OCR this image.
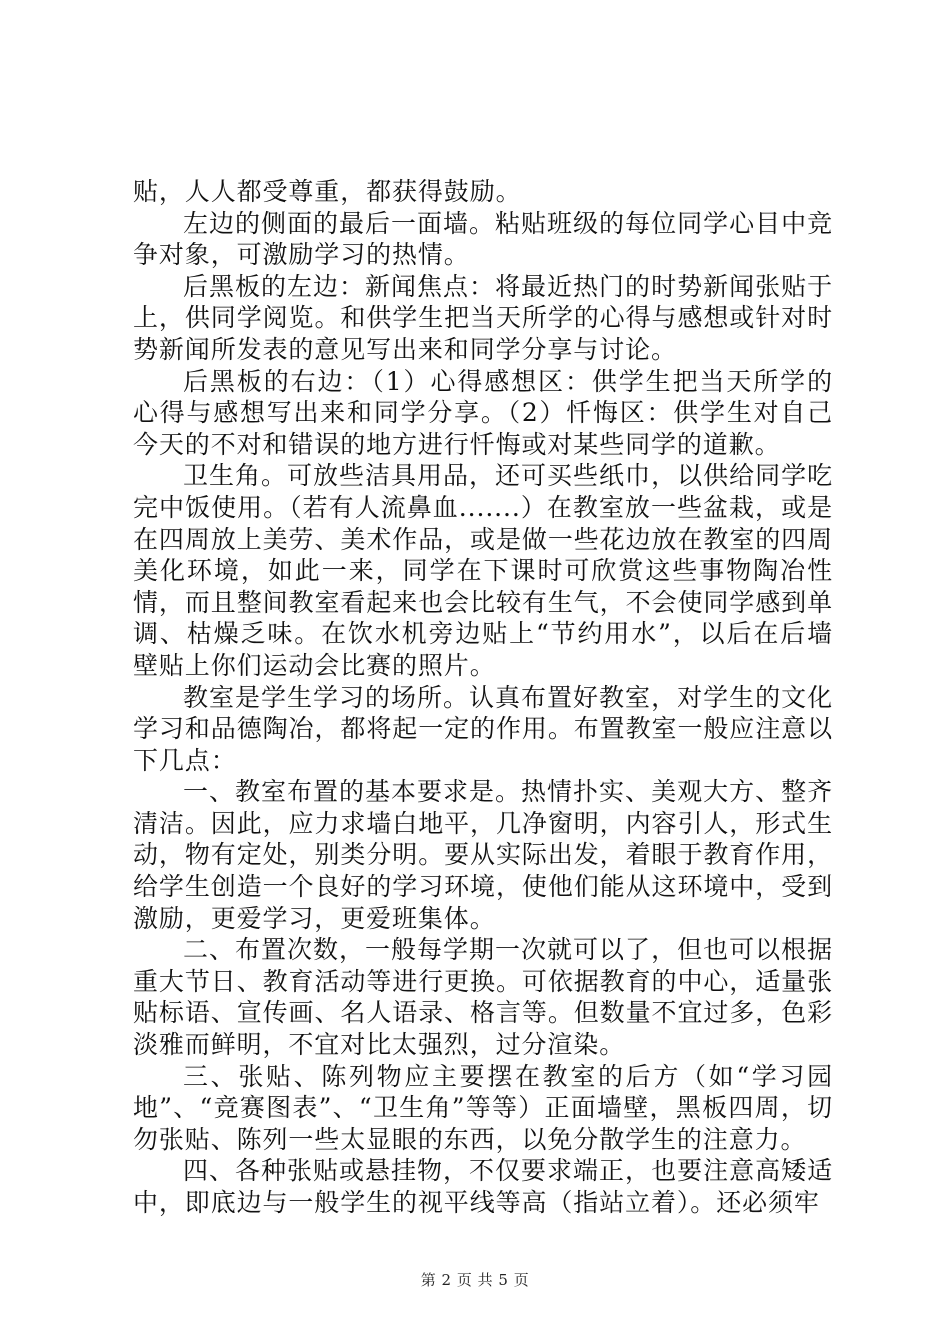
贴，人人都受尊重，都获得鼓励。

左边的侧面的最后一面墙。粘贴班级的每位同学心目中竞争对象，可激励学习的热情。

后黑板的左边：新闻焦点：将最近热门的时势新闻张贴于上，供同学阅览。和供学生把当天所学的心得与感想或针对时势新闻所发表的意见写出来和同学分享与讨论。

后黑板的右边：（1）心得感想区：供学生把当天所学的心得与感想写出来和同学分享。（2）忏悔区：供学生对自己今天的不对和错误的地方进行忏悔或对某些同学的道歉。

卫生角。可放些洁具用品，还可买些纸巾，以供给同学吃完中饭使用。（若有人流鼻血.......）在教室放一些盆栽，或是在四周放上美劳、美术作品，或是做一些花边放在教室的四周美化环境，如此一来，同学在下课时可欣赏这些事物陶冶性情，而且整间教室看起来也会比较有生气，不会使同学感到单调、枯燥乏味。在饮水机旁边贴上“节约用水”，以后在后墙壁贴上你们运动会比赛的照片。

教室是学生学习的场所。认真布置好教室，对学生的文化学习和品德陶冶，都将起一定的作用。布置教室一般应注意以下几点：

一、教室布置的基本要求是。热情扑实、美观大方、整齐清洁。因此，应力求墙白地平，几净窗明，内容引人，形式生动，物有定处，别类分明。要从实际出发，着眼于教育作用，给学生创造一个良好的学习环境，使他们能从这环境中，受到激励，更爱学习，更爱班集体。

二、布置次数，一般每学期一次就可以了，但也可以根据重大节日、教育活动等进行更换。可依据教育的中心，适量张贴标语、宣传画、名人语录、格言等。但数量不宜过多，色彩淡雅而鲜明，不宜对比太强烈，过分渲染。

三、张贴、陈列物应主要摆在教室的后方（如“学习园地”、“竞赛图表”、“卫生角”等等）正面墙壁，黑板四周，切勿张贴、陈列一些太显眼的东西，以免分散学生的注意力。

四、各种张贴或悬挂物，不仅要求端正，也要注意高矮适中，即底边与一般学生的视平线等高（指站立着）。还必须牢

第 2 页 共 5 页
